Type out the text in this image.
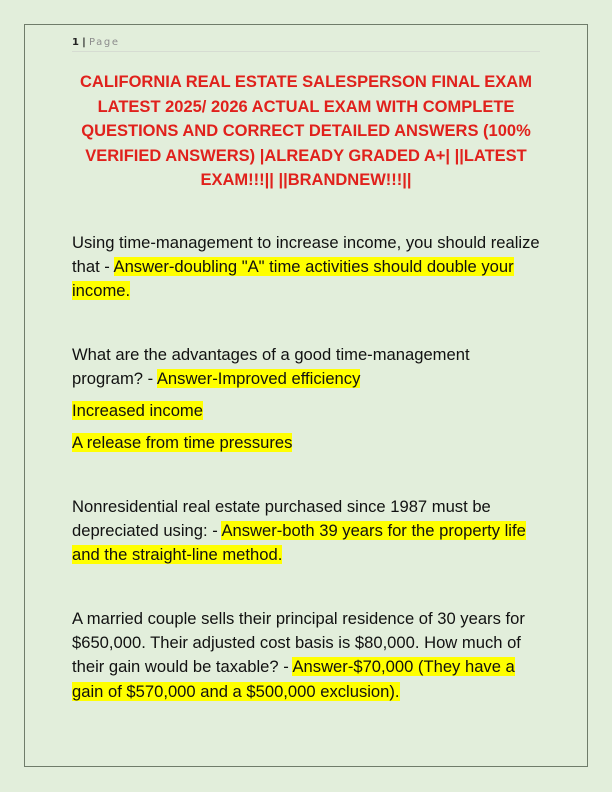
1 | Page
CALIFORNIA REAL ESTATE SALESPERSON FINAL EXAM LATEST 2025/ 2026 ACTUAL EXAM WITH COMPLETE QUESTIONS AND CORRECT DETAILED ANSWERS (100% VERIFIED ANSWERS) |ALREADY GRADED A+| ||LATEST EXAM!!!|| ||BRANDNEW!!!||
Using time-management to increase income, you should realize that - Answer-doubling "A" time activities should double your income.
What are the advantages of a good time-management program? - Answer-Improved efficiency
Increased income
A release from time pressures
Nonresidential real estate purchased since 1987 must be depreciated using: - Answer-both 39 years for the property life and the straight-line method.
A married couple sells their principal residence of 30 years for $650,000. Their adjusted cost basis is $80,000. How much of their gain would be taxable? - Answer-$70,000 (They have a gain of $570,000 and a $500,000 exclusion).
